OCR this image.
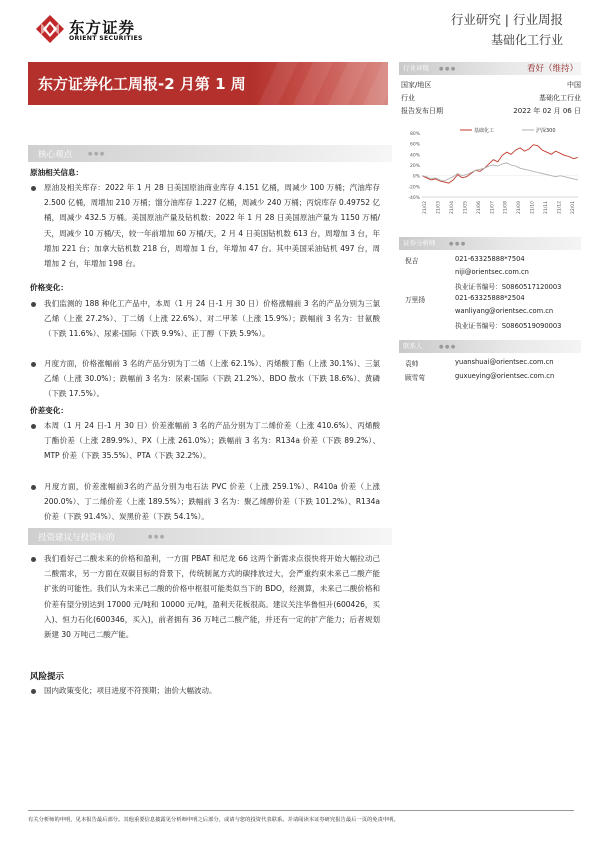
东方证券
ORIENT SECURITIES
行业研究 | 行业周报
基础化工行业
东方证券化工周报-2 月第 1 周
行业评级 ● ● ●	看好（维持）
国家/地区	中国
行业	基础化工行业
报告发布日期	2022 年 02 月 06 日
80%
60%
40%
20%
0%
-20%
-40%
21/02 21/03 21/04 21/05 21/06 21/07 21/08 21/09 21/10 21/11 21/12 22/01
基础化工	沪深300
证券分析师	● ● ●
倪吉	021-63325888*7504
niji@orientsec.com.cn
执业证书编号：S0860517120003
万里扬	021-63325888*2504
wanliyang@orientsec.com.cn
执业证书编号：S0860519090003
联系人	● ● ●
袁帅	yuanshuai@orientsec.com.cn
顾雪莺	guxueying@orientsec.com.cn
核心观点	● ● ●
原油相关信息：
原油及相关库存：2022 年 1 月 28 日美国原油商业库存 4.151 亿桶，周减少 100 万桶；汽油库存 2.500 亿桶，周增加 210 万桶；馏分油库存 1.227 亿桶，周减少 240 万桶；丙烷库存 0.49752 亿桶，周减少 432.5 万桶。美国原油产量及钻机数：2022 年 1 月 28 日美国原油产量为 1150 万桶/天，周减少 10 万桶/天，较一年前增加 60 万桶/天，2 月 4 日美国钻机数 613 台，周增加 3 台，年增加 221 台；加拿大钻机数 218 台，周增加 1 台，年增加 47 台。其中美国采油钻机 497 台，周增加 2 台，年增加 198 台。
价格变化：
我们监测的 188 种化工产品中，本周（1 月 24 日-1 月 30 日）价格涨幅前 3 名的产品分别为三氯乙烯（上涨 27.2%）、丁二烯（上涨 22.6%）、对二甲苯（上涨 15.9%）；跌幅前 3 名为：甘氨酸（下跌 11.6%）、尿素-国际（下跌 9.9%）、正丁醇（下跌 5.9%）。
月度方面，价格涨幅前 3 名的产品分别为丁二烯（上涨 62.1%）、丙烯酸丁酯（上涨 30.1%）、三氯乙烯（上涨 30.0%）；跌幅前 3 名为：尿素-国际（下跌 21.2%）、BDO 散水（下跌 18.6%）、黄磷（下跌 17.5%）。
价差变化：
本周（1 月 24 日-1 月 30 日）价差涨幅前 3 名的产品分别为丁二烯价差（上涨 410.6%）、丙烯酸丁酯价差（上涨 289.9%）、PX（上涨 261.0%）；跌幅前 3 名为：R134a 价差（下跌 89.2%）、MTP 价差（下跌 35.5%）、PTA（下跌 32.2%）。
月度方面，价差涨幅前3名的产品分别为电石法 PVC 价差（上涨 259.1%）、R410a 价差（上涨 200.0%）、丁二烯价差（上涨 189.5%）；跌幅前 3 名为：聚乙烯醇价差（下跌 101.2%）、R134a 价差（下跌 91.4%）、炭黑价差（下跌 54.1%）。
投资建议与投资标的	● ● ●
我们看好己二酸未来的价格和盈利，一方面 PBAT 和尼龙 66 这两个新需求点很快将开始大幅拉动己二酸需求，另一方面在双碳目标的背景下，传统制氮方式的碳排放过大，会严重约束未来己二酸产能扩张的可能性。我们认为未来己二酸的价格中枢很可能类似当下的 BDO，经测算，未来己二酸价格和价差有望分别达到 17000 元/吨和 10000 元/吨，盈利天花板很高。建议关注华鲁恒升(600426，买入)、恒力石化(600346，买入)，前者拥有 36 万吨己二酸产能，并还有一定的扩产能力；后者规划新建 30 万吨己二酸产能。
风险提示
国内政策变化；项目进度不符预期；油价大幅波动。
有关分析师的申明，见本报告最后部分。其他重要信息披露见分析师申明之后部分，或请与您的投资代表联系。并请阅读本证券研究报告最后一页的免责申明。
